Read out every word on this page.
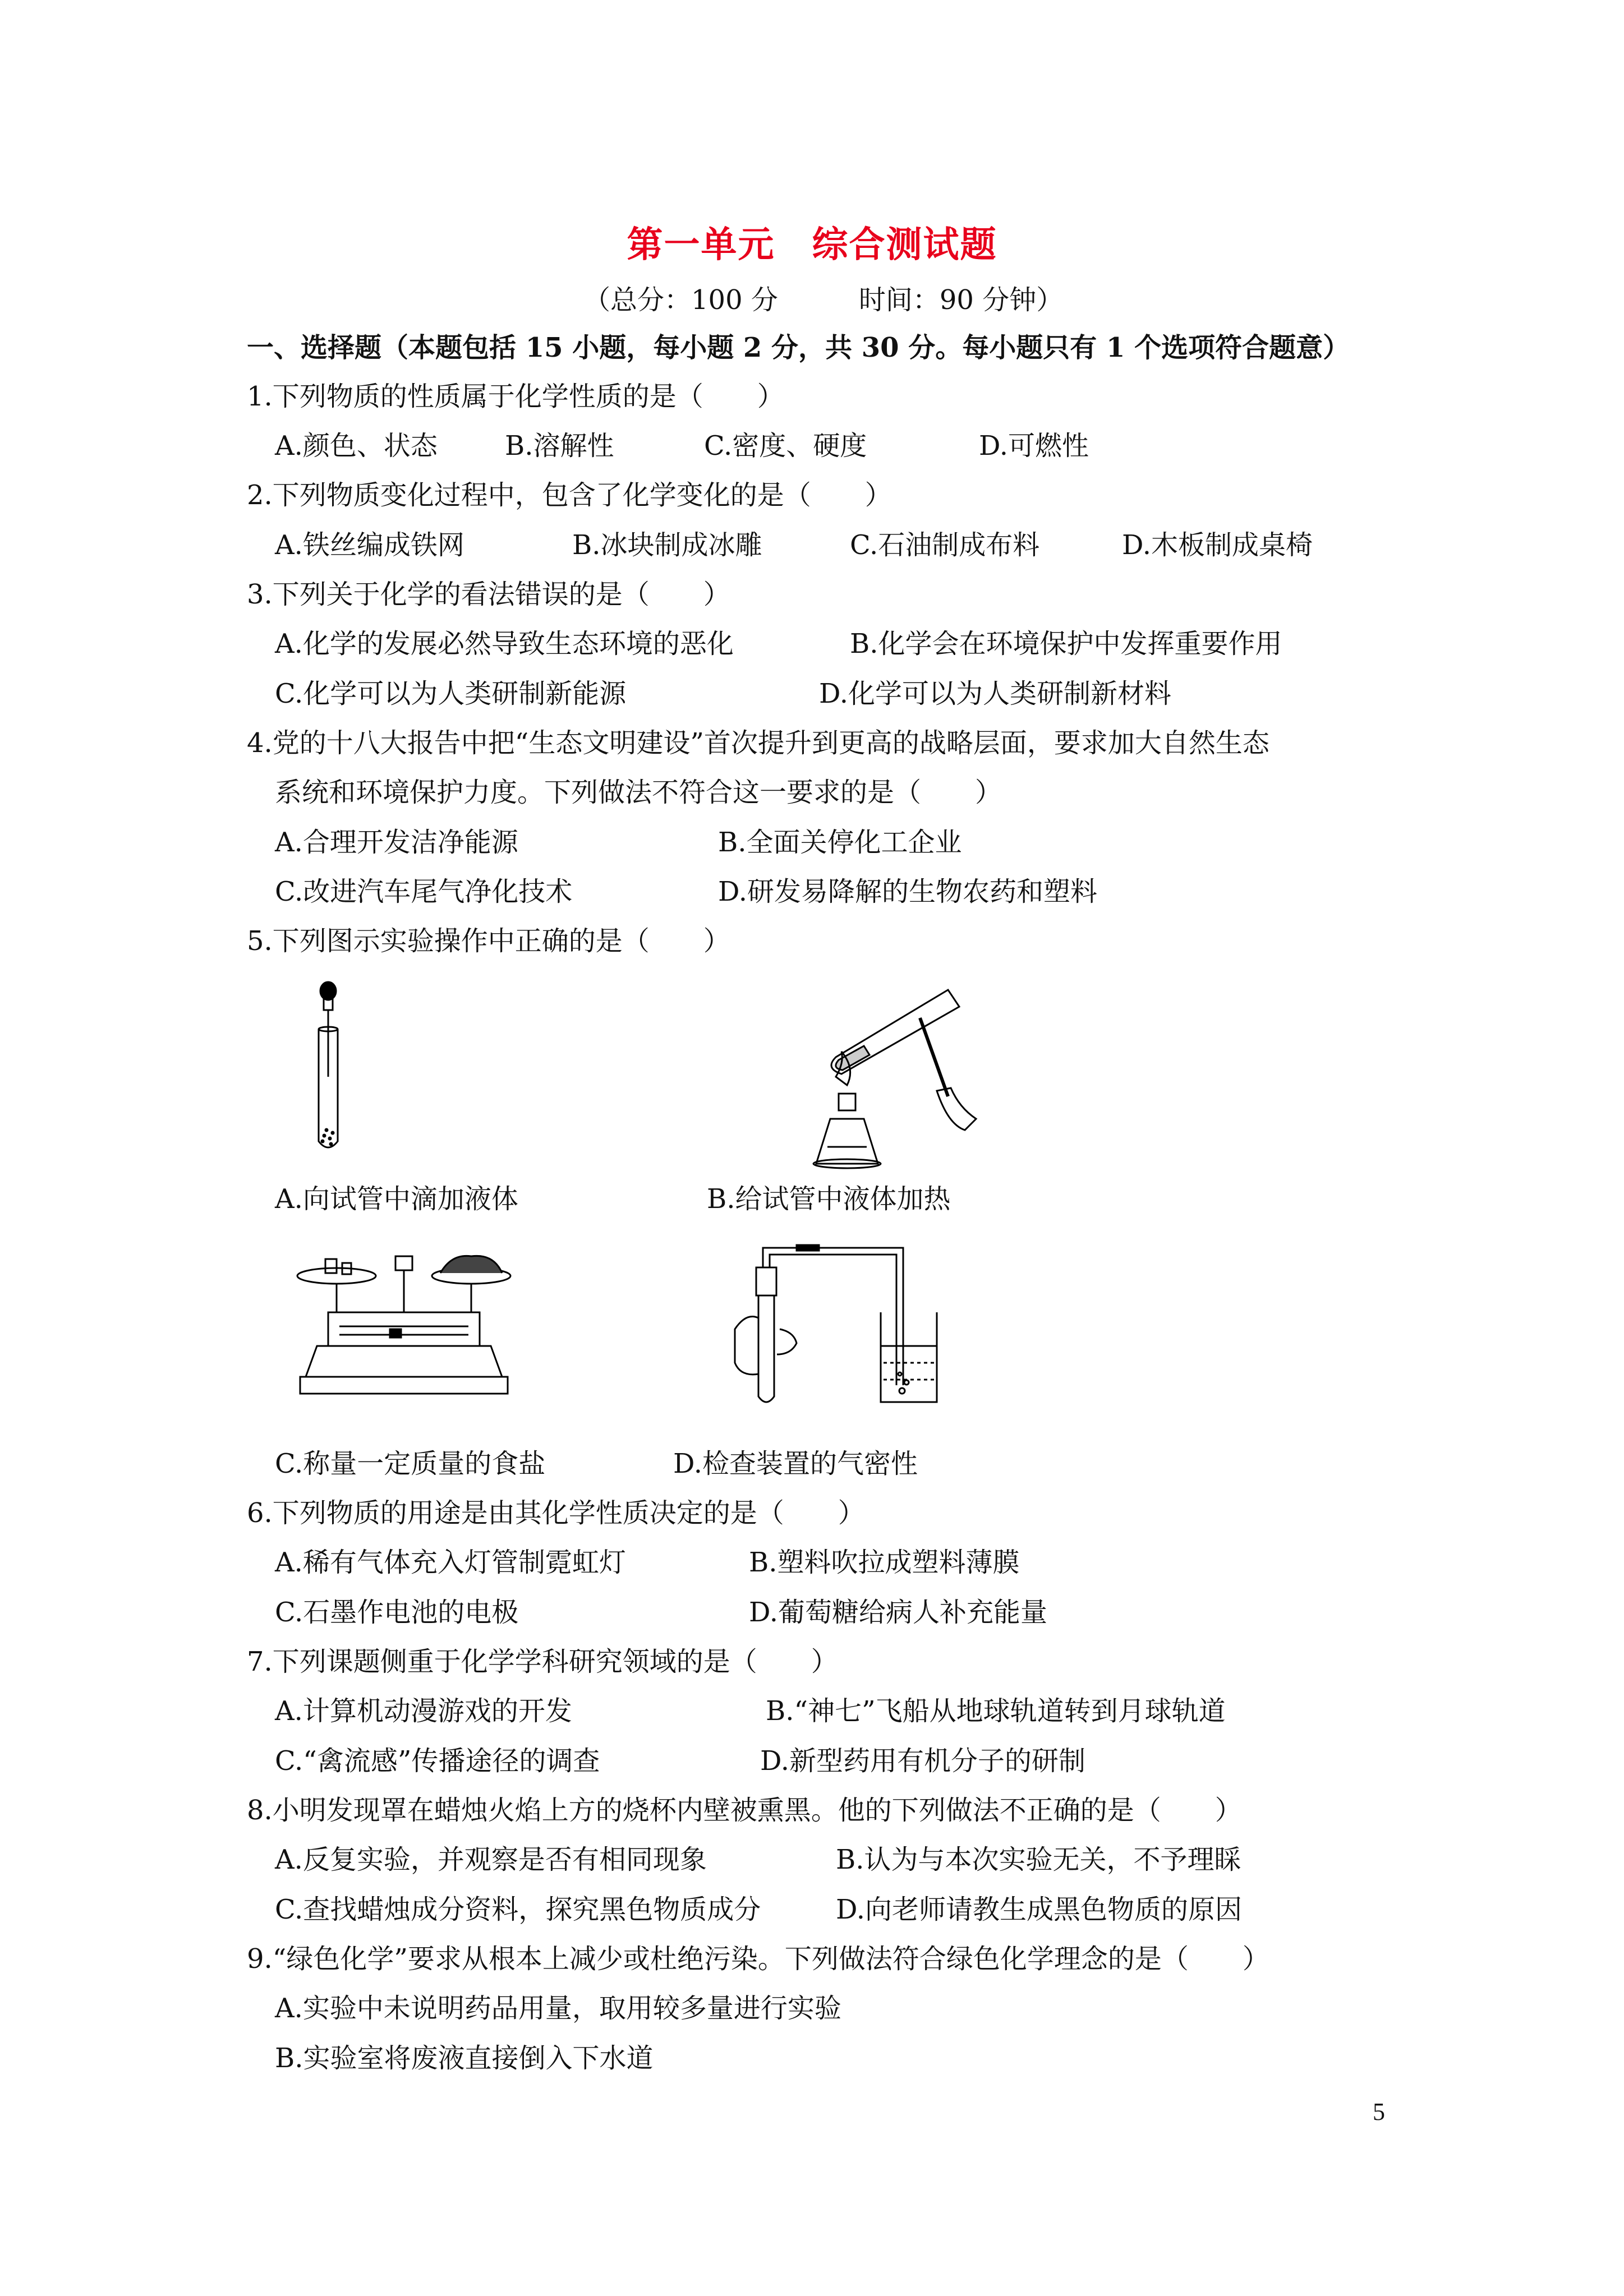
第一单元　综合测试题
（总分：100 分　　　时间：90 分钟）
一、选择题（本题包括 15 小题，每小题 2 分，共 30 分。每小题只有 1 个选项符合题意）
1.下列物质的性质属于化学性质的是（　　）
A.颜色、状态	B.溶解性	C.密度、硬度	D.可燃性
2.下列物质变化过程中，包含了化学变化的是（　　）
A.铁丝编成铁网	B.冰块制成冰雕	C.石油制成布料	D.木板制成桌椅
3.下列关于化学的看法错误的是（　　）
A.化学的发展必然导致生态环境的恶化	B.化学会在环境保护中发挥重要作用
C.化学可以为人类研制新能源	D.化学可以为人类研制新材料
4.党的十八大报告中把“生态文明建设”首次提升到更高的战略层面，要求加大自然生态
系统和环境保护力度。下列做法不符合这一要求的是（　　）
A.合理开发洁净能源	B.全面关停化工企业
C.改进汽车尾气净化技术	D.研发易降解的生物农药和塑料
5.下列图示实验操作中正确的是（　　）
A.向试管中滴加液体	B.给试管中液体加热
C.称量一定质量的食盐	D.检查装置的气密性
6.下列物质的用途是由其化学性质决定的是（　　）
A.稀有气体充入灯管制霓虹灯	B.塑料吹拉成塑料薄膜
C.石墨作电池的电极	D.葡萄糖给病人补充能量
7.下列课题侧重于化学学科研究领域的是（　　）
A.计算机动漫游戏的开发	B.“神七”飞船从地球轨道转到月球轨道
C.“禽流感”传播途径的调查	D.新型药用有机分子的研制
8.小明发现罩在蜡烛火焰上方的烧杯内壁被熏黑。他的下列做法不正确的是（　　）
A.反复实验，并观察是否有相同现象	B.认为与本次实验无关，不予理睬
C.查找蜡烛成分资料，探究黑色物质成分	D.向老师请教生成黑色物质的原因
9.“绿色化学”要求从根本上减少或杜绝污染。下列做法符合绿色化学理念的是（　　）
A.实验中未说明药品用量，取用较多量进行实验
B.实验室将废液直接倒入下水道
5
